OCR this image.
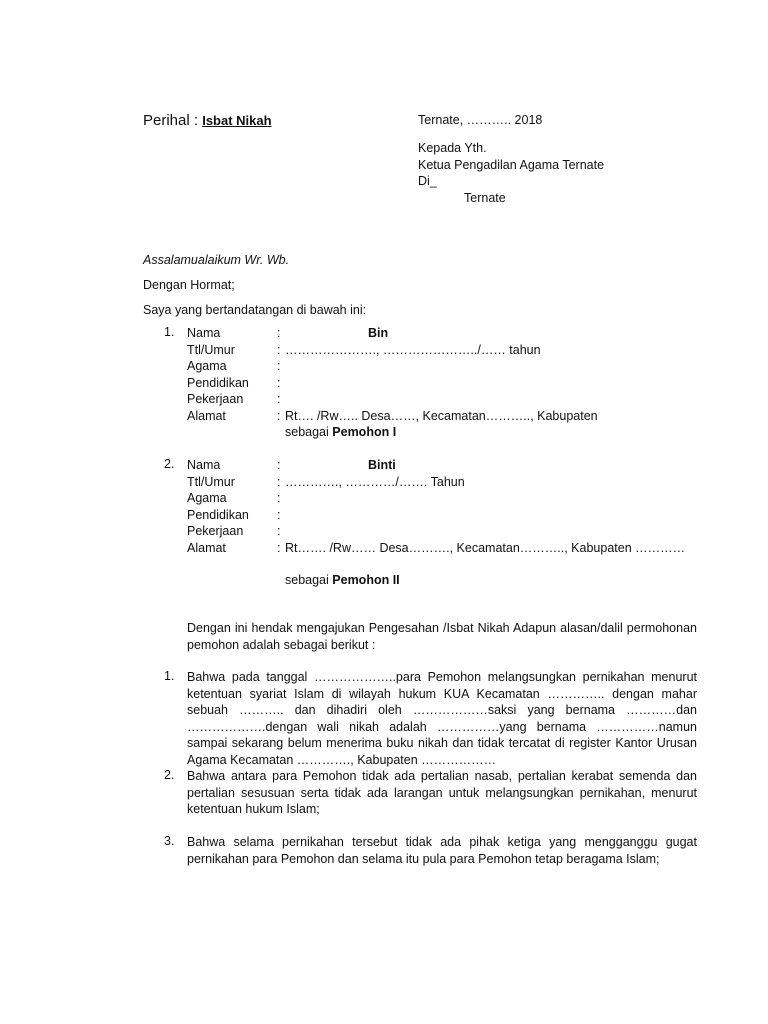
Perihal : Isbat Nikah	Ternate, ……….. 2018
Kepada Yth.
Ketua Pengadilan Agama Ternate
Di_
Ternate
Assalamualaikum Wr. Wb.
Dengan Hormat;
Saya yang bertandatangan di bawah ini:
1. Nama	:	Bin
Ttl/Umur	: …………………., …………………../…… tahun
Agama	:
Pendidikan	:
Pekerjaan	:
Alamat	: Rt…. /Rw….. Desa……, Kecamatan……….., Kabupaten
sebagai
Pemohon I
2. Nama	:	Binti
Ttl/Umur	: …………., …………/……. Tahun
Agama	:
Pendidikan	:
Pekerjaan	:
Alamat	: Rt……. /Rw…… Desa………., Kecamatan……….., Kabupaten …………
sebagai
Pemohon II
Dengan ini hendak mengajukan Pengesahan /Isbat Nikah Adapun alasan/dalil permohonan pemohon adalah sebagai berikut :
1. Bahwa pada tanggal ………………..para Pemohon melangsungkan pernikahan menurut ketentuan syariat Islam di wilayah hukum KUA Kecamatan ………….. dengan mahar sebuah ……….. dan dihadiri oleh ………………saksi yang bernama …………dan ……………….dengan wali nikah adalah ……………yang bernama ……………namun sampai sekarang belum menerima buku nikah dan tidak tercatat di register Kantor Urusan Agama Kecamatan …………., Kabupaten ………………
2. Bahwa antara para Pemohon tidak ada pertalian nasab, pertalian kerabat semenda dan pertalian sesusuan serta tidak ada larangan untuk melangsungkan pernikahan, menurut ketentuan hukum Islam;
3. Bahwa selama pernikahan tersebut tidak ada pihak ketiga yang mengganggu gugat pernikahan para Pemohon dan selama itu pula para Pemohon tetap beragama Islam;
